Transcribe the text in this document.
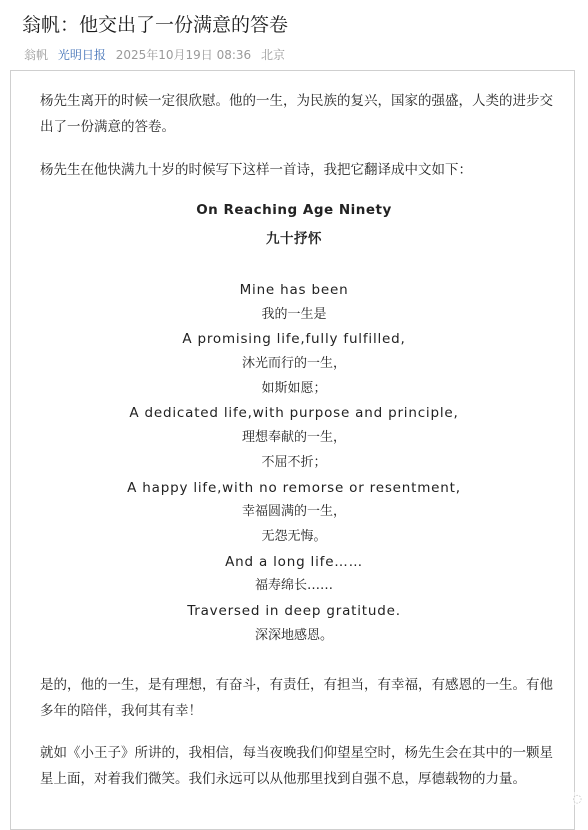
翁帆：他交出了一份满意的答卷
翁帆 光明日报 2025年10月19日 08:36 北京
杨先生离开的时候一定很欣慰。他的一生，为民族的复兴，国家的强盛，人类的进步交出了一份满意的答卷。
杨先生在他快满九十岁的时候写下这样一首诗，我把它翻译成中文如下：
On Reaching Age Ninety
九十抒怀
Mine has been
我的一生是
A promising life,fully fulfilled,
沐光而行的一生，
如斯如愿；
A dedicated life,with purpose and principle,
理想奉献的一生，
不屈不折；
A happy life,with no remorse or resentment,
幸福圆满的一生，
无怨无悔。
And a long life……
福寿绵长……
Traversed in deep gratitude.
深深地感恩。
是的，他的一生，是有理想，有奋斗，有责任，有担当，有幸福，有感恩的一生。有他多年的陪伴，我何其有幸！
就如《小王子》所讲的，我相信，每当夜晚我们仰望星空时，杨先生会在其中的一颗星星上面，对着我们微笑。我们永远可以从他那里找到自强不息，厚德载物的力量。
◌
